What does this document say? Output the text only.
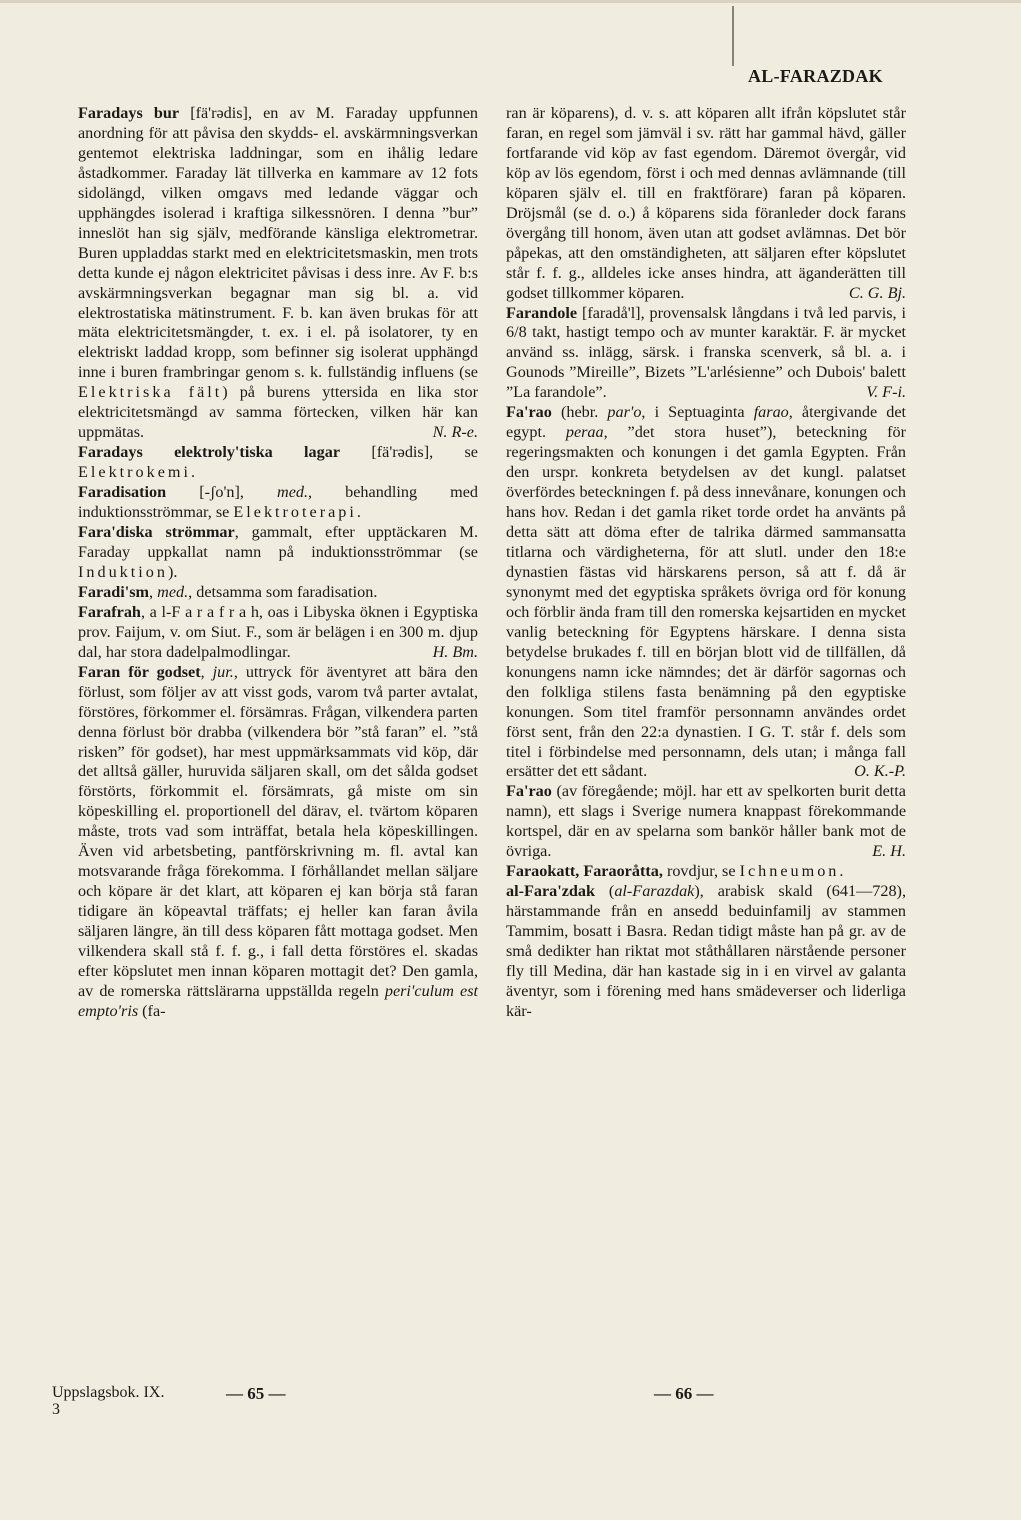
AL-FARAZDAK

Faradays bur [fä'rədis], en av M. Faraday uppfunnen anordning för att påvisa den skydds- el. avskärmningsverkan gentemot elektriska laddningar, som en ihålig ledare åstadkommer. Faraday lät tillverka en kammare av 12 fots sidolängd, vilken omgavs med ledande väggar och upphängdes isolerad i kraftiga silkessnören. I denna ”bur” inneslöt han sig själv, medförande känsliga elektrometrar. Buren uppladdas starkt med en elektricitetsmaskin, men trots detta kunde ej någon elektricitet påvisas i dess inre. Av F. b:s avskärmningsverkan begagnar man sig bl. a. vid elektrostatiska mätinstrument. F. b. kan även brukas för att mäta elektricitetsmängder, t. ex. i el. på isolatorer, ty en elektriskt laddad kropp, som befinner sig isolerat upphängd inne i buren frambringar genom s. k. fullständig influens (se Elektriska fält) på burens yttersida en lika stor elektricitetsmängd av samma förtecken, vilken här kan uppmätas.	N. R-e.

Faradays elektroly'tiska lagar [fä'rədis], se Elektrokemi.

Faradisation [-ʃo'n], med., behandling med induktionsströmmar, se Elektroterapi.

Fara'diska strömmar, gammalt, efter upptäckaren M. Faraday uppkallat namn på induktionsströmmar (se Induktion).

Faradi'sm, med., detsamma som faradisation.

Farafrah, a l-F a r a f r a h, oas i Libyska öknen i Egyptiska prov. Faijum, v. om Siut. F., som är belägen i en 300 m. djup dal, har stora dadelpalmodlingar.	H. Bm.

Faran för godset, jur., uttryck för äventyret att bära den förlust, som följer av att visst gods, varom två parter avtalat, förstöres, förkommer el. försämras. Frågan, vilkendera parten denna förlust bör drabba (vilkendera bör ”stå faran” el. ”stå risken” för godset), har mest uppmärksammats vid köp, där det alltså gäller, huruvida säljaren skall, om det sålda godset förstörts, förkommit el. försämrats, gå miste om sin köpeskilling el. proportionell del därav, el. tvärtom köparen måste, trots vad som inträffat, betala hela köpeskillingen. Även vid arbetsbeting, pantförskrivning m. fl. avtal kan motsvarande fråga förekomma. I förhållandet mellan säljare och köpare är det klart, att köparen ej kan börja stå faran tidigare än köpeavtal träffats; ej heller kan faran åvila säljaren längre, än till dess köparen fått mottaga godset. Men vilkendera skall stå f. f. g., i fall detta förstöres el. skadas efter köpslutet men innan köparen mottagit det? Den gamla, av de romerska rättslärarna uppställda regeln peri'culum est empto'ris (fa-

ran är köparens), d. v. s. att köparen allt ifrån köpslutet står faran, en regel som jämväl i sv. rätt har gammal hävd, gäller fortfarande vid köp av fast egendom. Däremot övergår, vid köp av lös egendom, först i och med dennas avlämnande (till köparen själv el. till en fraktförare) faran på köparen. Dröjsmål (se d. o.) å köparens sida föranleder dock farans övergång till honom, även utan att godset avlämnas. Det bör påpekas, att den omständigheten, att säljaren efter köpslutet står f. f. g., alldeles icke anses hindra, att äganderätten till godset tillkommer köparen.	C. G. Bj.

Farandole [faradå'l], provensalsk långdans i två led parvis, i 6/8 takt, hastigt tempo och av munter karaktär. F. är mycket använd ss. inlägg, särsk. i franska scenverk, så bl. a. i Gounods ”Mireille”, Bizets ”L'arlésienne” och Dubois' balett ”La farandole”.	V. F-i.

Fa'rao (hebr. par'o, i Septuaginta farao, återgivande det egypt. peraa, ”det stora huset”), beteckning för regeringsmakten och konungen i det gamla Egypten. Från den urspr. konkreta betydelsen av det kungl. palatset överfördes beteckningen f. på dess innevånare, konungen och hans hov. Redan i det gamla riket torde ordet ha använts på detta sätt att döma efter de talrika därmed sammansatta titlarna och värdigheterna, för att slutl. under den 18:e dynastien fästas vid härskarens person, så att f. då är synonymt med det egyptiska språkets övriga ord för konung och förblir ända fram till den romerska kejsartiden en mycket vanlig beteckning för Egyptens härskare. I denna sista betydelse brukades f. till en början blott vid de tillfällen, då konungens namn icke nämndes; det är därför sagornas och den folkliga stilens fasta benämning på den egyptiske konungen. Som titel framför personnamn användes ordet först sent, från den 22:a dynastien. I G. T. står f. dels som titel i förbindelse med personnamn, dels utan; i många fall ersätter det ett sådant.	O. K.-P.

Fa'rao (av föregående; möjl. har ett av spelkorten burit detta namn), ett slags i Sverige numera knappast förekommande kortspel, där en av spelarna som bankör håller bank mot de övriga.	E. H.

Faraokatt, Faraoråtta, rovdjur, se Ichneumon.

al-Fara'zdak (al-Farazdak), arabisk skald (641—728), härstammande från en ansedd beduinfamilj av stammen Tammim, bosatt i Basra. Redan tidigt måste han på gr. av de små dedikter han riktat mot ståthållaren närstående personer fly till Medina, där han kastade sig in i en virvel av galanta äventyr, som i förening med hans smädeverser och liderliga kär-

Uppslagsbok. IX.
3
— 65 —	— 66 —
